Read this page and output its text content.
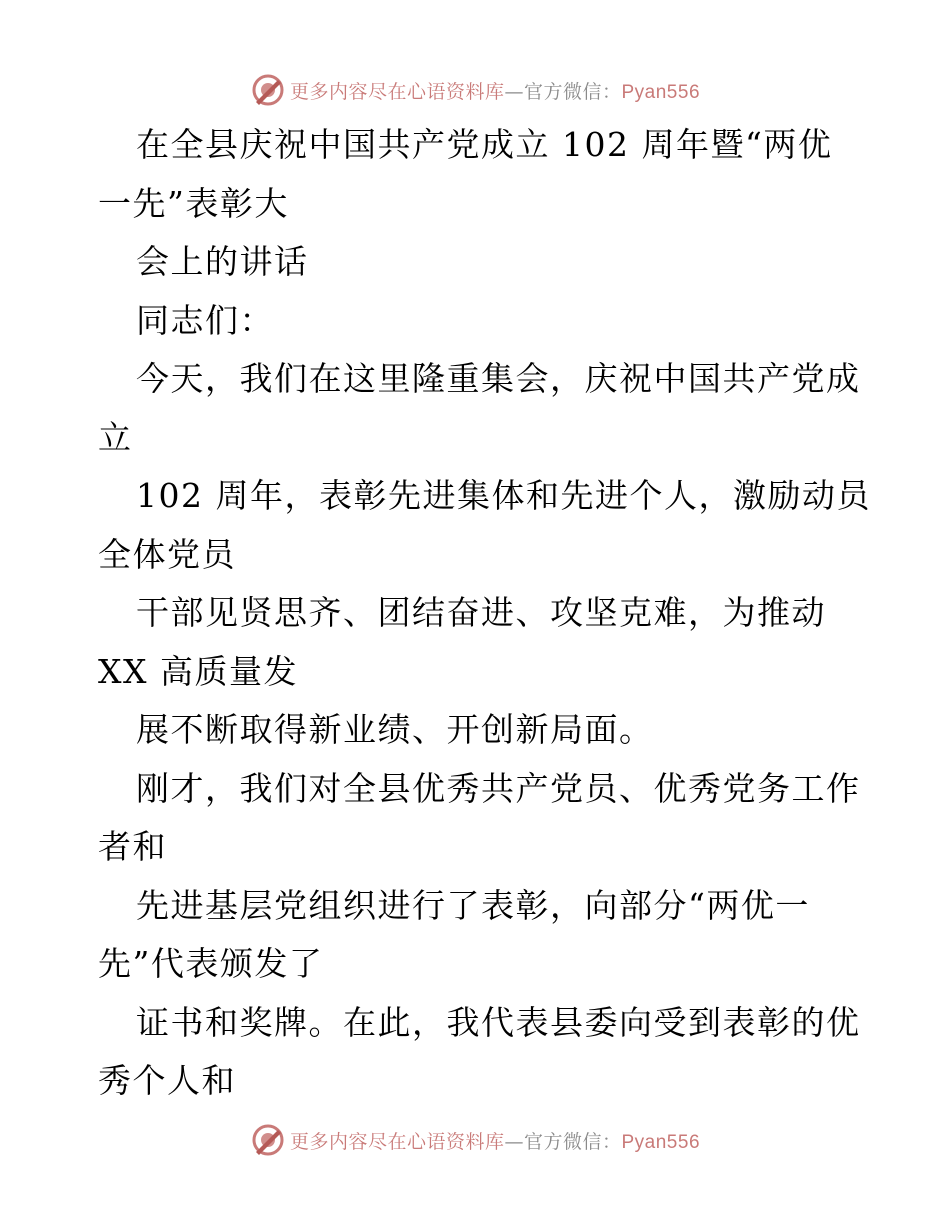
更多内容尽在心语资料库—官方微信：Pyan556
在全县庆祝中国共产党成立 102 周年暨“两优
一先”表彰大
会上的讲话
同志们：
今天，我们在这里隆重集会，庆祝中国共产党成
立
102 周年，表彰先进集体和先进个人，激励动员
全体党员
干部见贤思齐、团结奋进、攻坚克难，为推动
XX 高质量发
展不断取得新业绩、开创新局面。
刚才，我们对全县优秀共产党员、优秀党务工作
者和
先进基层党组织进行了表彰，向部分“两优一
先”代表颁发了
证书和奖牌。在此，我代表县委向受到表彰的优
秀个人和
更多内容尽在心语资料库—官方微信：Pyan556
